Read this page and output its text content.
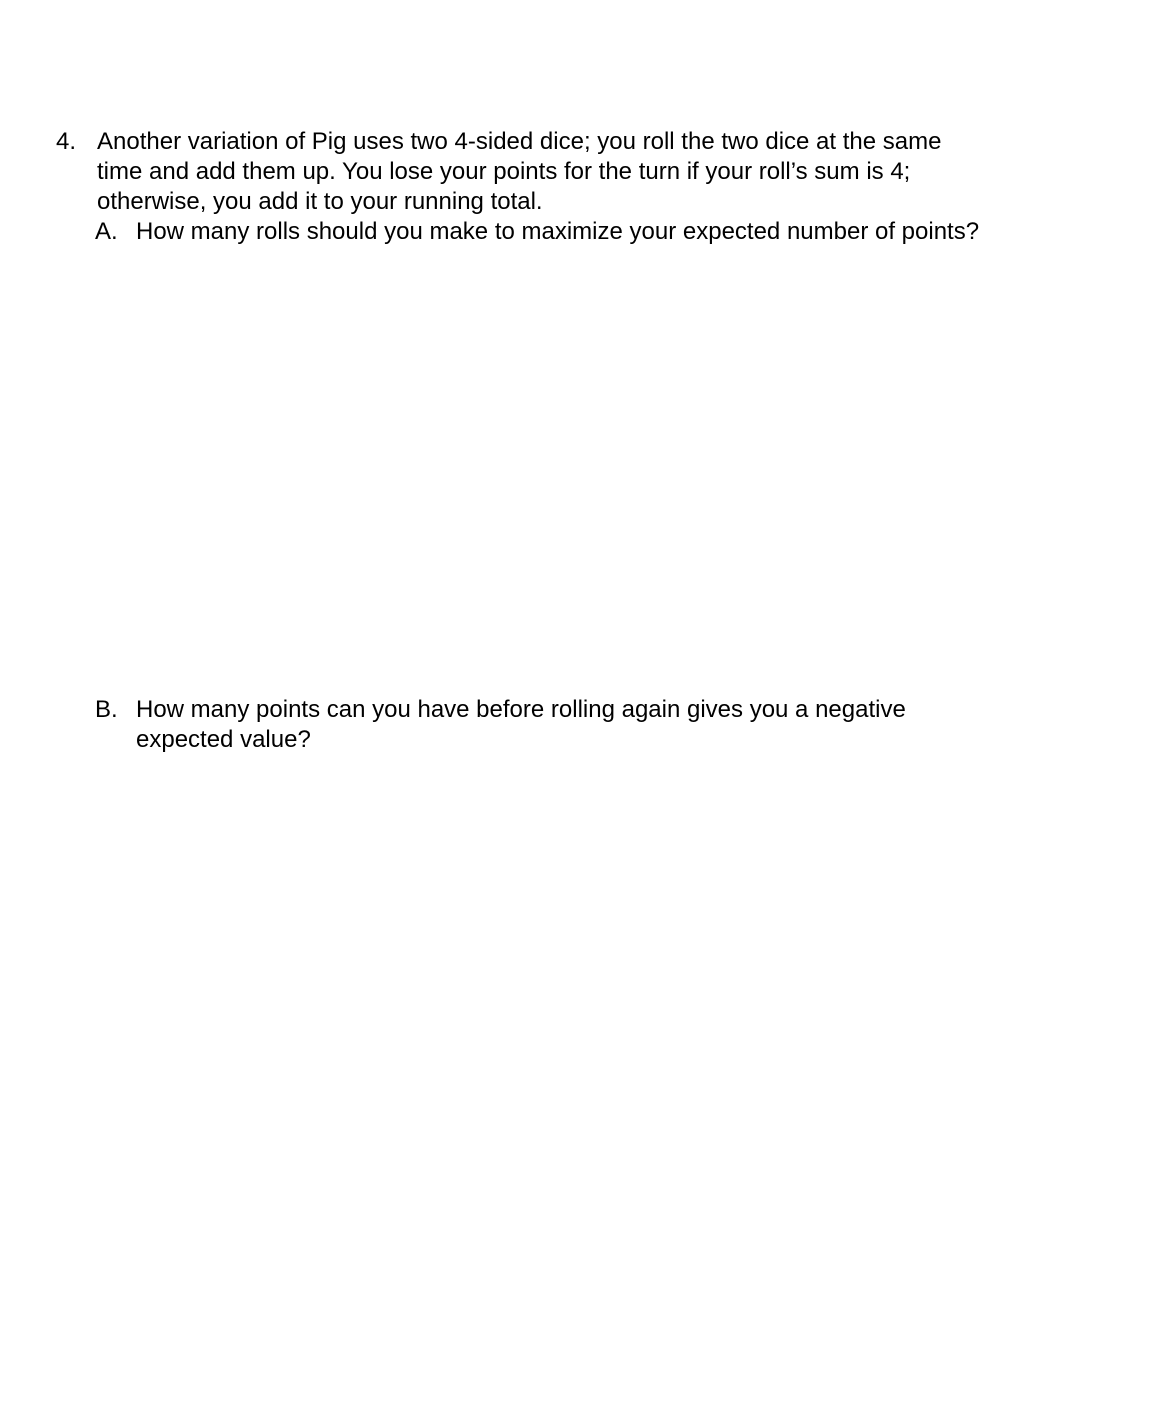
4. Another variation of Pig uses two 4-sided dice; you roll the two dice at the same
time and add them up. You lose your points for the turn if your roll’s sum is 4;
otherwise, you add it to your running total.
A. How many rolls should you make to maximize your expected number of points?
B. How many points can you have before rolling again gives you a negative
expected value?
